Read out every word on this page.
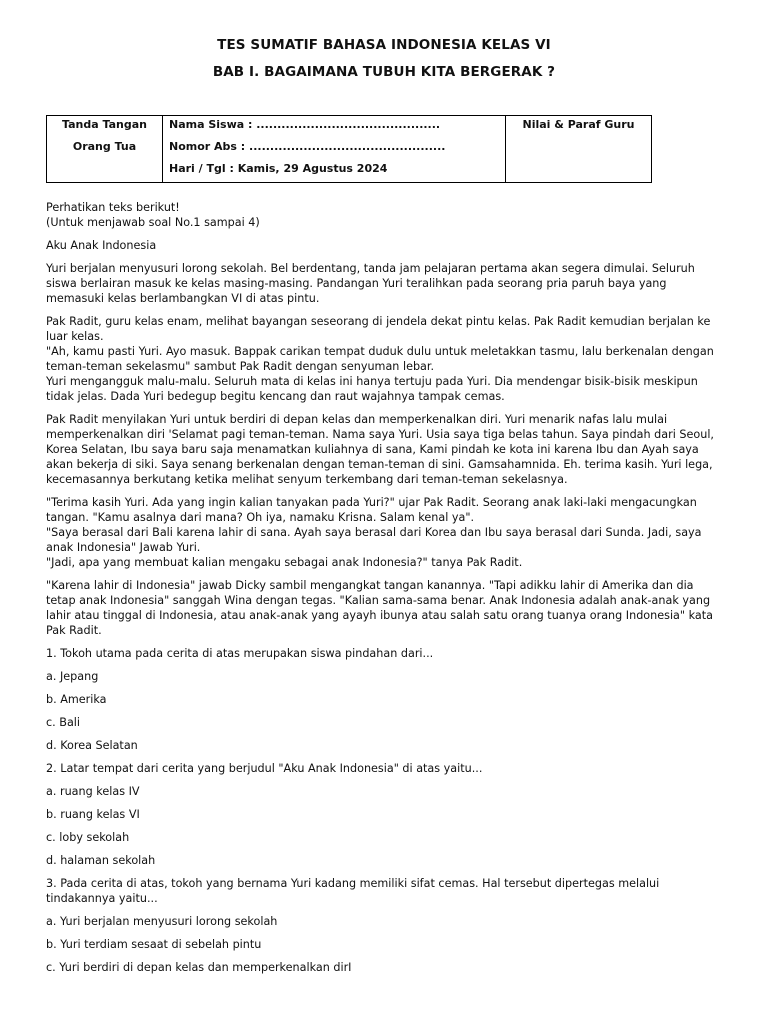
TES SUMATIF BAHASA INDONESIA KELAS VI
BAB I. BAGAIMANA TUBUH KITA BERGERAK ?
Tanda Tangan
Orang Tua

Nama Siswa : ............................................
Nomor Abs : ...............................................
Hari / Tgl : Kamis, 29 Agustus 2024

Nilai & Paraf Guru

Perhatikan teks berikut!
(Untuk menjawab soal No.1 sampai 4)

Aku Anak Indonesia

Yuri berjalan menyusuri lorong sekolah. Bel berdentang, tanda jam pelajaran pertama akan segera dimulai. Seluruh siswa berlairan masuk ke kelas masing-masing. Pandangan Yuri teralihkan pada seorang pria paruh baya yang memasuki kelas berlambangkan VI di atas pintu.

Pak Radit, guru kelas enam, melihat bayangan seseorang di jendela dekat pintu kelas. Pak Radit kemudian berjalan ke luar kelas.
"Ah, kamu pasti Yuri. Ayo masuk. Bappak carikan tempat duduk dulu untuk meletakkan tasmu, lalu berkenalan dengan teman-teman sekelasmu" sambut Pak Radit dengan senyuman lebar.
Yuri mengangguk malu-malu. Seluruh mata di kelas ini hanya tertuju pada Yuri. Dia mendengar bisik-bisik meskipun tidak jelas. Dada Yuri bedegup begitu kencang dan raut wajahnya tampak cemas.

Pak Radit menyilakan Yuri untuk berdiri di depan kelas dan memperkenalkan diri. Yuri menarik nafas lalu mulai memperkenalkan diri 'Selamat pagi teman-teman. Nama saya Yuri. Usia saya tiga belas tahun. Saya pindah dari Seoul, Korea Selatan, Ibu saya baru saja menamatkan kuliahnya di sana, Kami pindah ke kota ini karena Ibu dan Ayah saya akan bekerja di siki. Saya senang berkenalan dengan teman-teman di sini. Gamsahamnida. Eh. terima kasih. Yuri lega, kecemasannya berkutang ketika melihat senyum terkembang dari teman-teman sekelasnya.

"Terima kasih Yuri. Ada yang ingin kalian tanyakan pada Yuri?" ujar Pak Radit. Seorang anak laki-laki mengacungkan tangan. "Kamu asalnya dari mana? Oh iya, namaku Krisna. Salam kenal ya".
"Saya berasal dari Bali karena lahir di sana. Ayah saya berasal dari Korea dan Ibu saya berasal dari Sunda. Jadi, saya anak Indonesia" Jawab Yuri.
"Jadi, apa yang membuat kalian mengaku sebagai anak Indonesia?" tanya Pak Radit.

"Karena lahir di Indonesia" jawab Dicky sambil mengangkat tangan kanannya. "Tapi adikku lahir di Amerika dan dia tetap anak Indonesia" sanggah Wina dengan tegas. "Kalian sama-sama benar. Anak Indonesia adalah anak-anak yang lahir atau tinggal di Indonesia, atau anak-anak yang ayayh ibunya atau salah satu orang tuanya orang Indonesia" kata Pak Radit.

1. Tokoh utama pada cerita di atas merupakan siswa pindahan dari...

a. Jepang

b. Amerika

c. Bali

d. Korea Selatan

2. Latar tempat dari cerita yang berjudul "Aku Anak Indonesia" di atas yaitu...

a. ruang kelas IV

b. ruang kelas VI

c. loby sekolah

d. halaman sekolah

3. Pada cerita di atas, tokoh yang bernama Yuri kadang memiliki sifat cemas. Hal tersebut dipertegas melalui tindakannya yaitu...

a. Yuri berjalan menyusuri lorong sekolah

b. Yuri terdiam sesaat di sebelah pintu

c. Yuri berdiri di depan kelas dan memperkenalkan dirI
